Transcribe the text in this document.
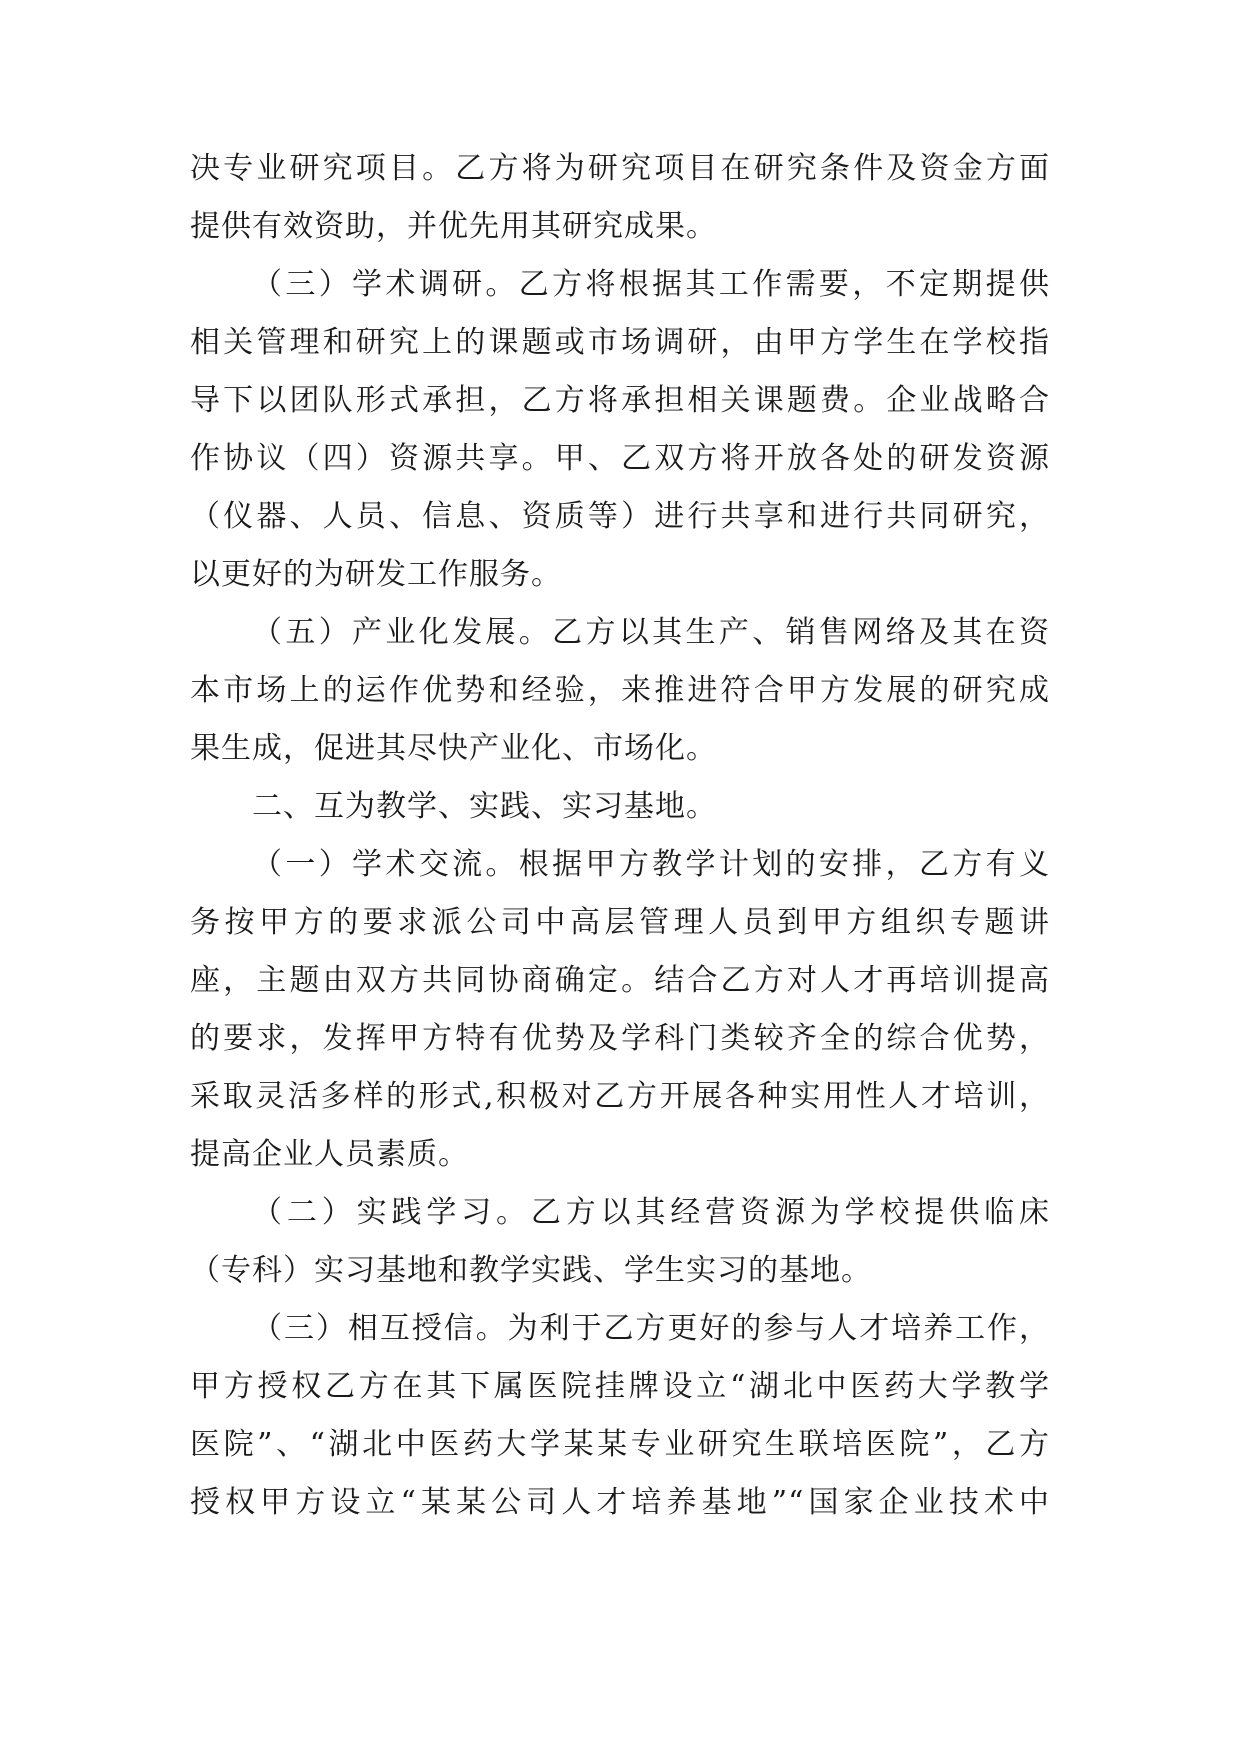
决专业研究项目。乙方将为研究项目在研究条件及资金方面
提供有效资助，并优先用其研究成果。
（三）学术调研。乙方将根据其工作需要，不定期提供
相关管理和研究上的课题或市场调研，由甲方学生在学校指
导下以团队形式承担，乙方将承担相关课题费。企业战略合
作协议（四）资源共享。甲、乙双方将开放各处的研发资源
（仪器、人员、信息、资质等）进行共享和进行共同研究，
以更好的为研发工作服务。
（五）产业化发展。乙方以其生产、销售网络及其在资
本市场上的运作优势和经验，来推进符合甲方发展的研究成
果生成，促进其尽快产业化、市场化。
二、互为教学、实践、实习基地。
（一）学术交流。根据甲方教学计划的安排，乙方有义
务按甲方的要求派公司中高层管理人员到甲方组织专题讲
座，主题由双方共同协商确定。结合乙方对人才再培训提高
的要求，发挥甲方特有优势及学科门类较齐全的综合优势，
采取灵活多样的形式,积极对乙方开展各种实用性人才培训，
提高企业人员素质。
（二）实践学习。乙方以其经营资源为学校提供临床
（专科）实习基地和教学实践、学生实习的基地。
（三）相互授信。为利于乙方更好的参与人才培养工作，
甲方授权乙方在其下属医院挂牌设立“湖北中医药大学教学
医院”、“湖北中医药大学某某专业研究生联培医院”，乙方
授权甲方设立“某某公司人才培养基地”“国家企业技术中
